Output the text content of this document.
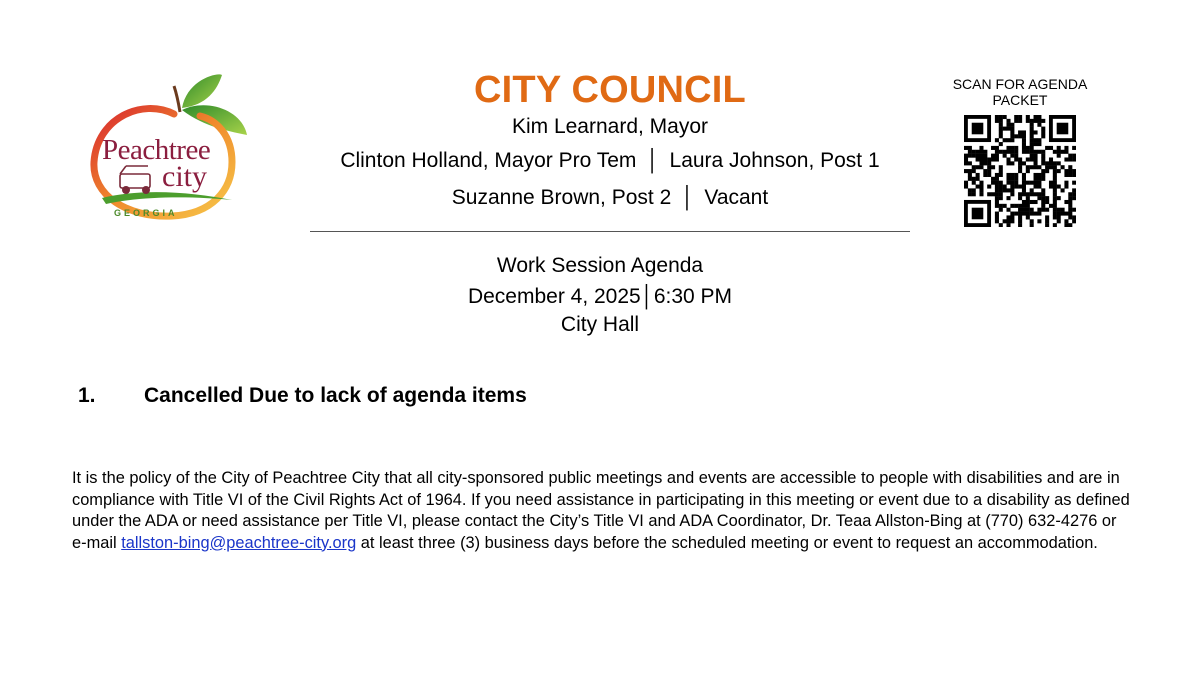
Peachtree
city
GEORGIA
CITY COUNCIL
Kim Learnard, Mayor
Clinton Holland, Mayor Pro Tem │ Laura Johnson, Post 1
Suzanne Brown, Post 2 │ Vacant
Work Session Agenda
December 4, 2025│6:30 PM
City Hall
SCAN FOR AGENDA
PACKET
1. Cancelled Due to lack of agenda items
It is the policy of the City of Peachtree City that all city-sponsored public meetings and events are accessible to people with disabilities and are in compliance with Title VI of the Civil Rights Act of 1964. If you need assistance in participating in this meeting or event due to a disability as defined under the ADA or need assistance per Title VI, please contact the City’s Title VI and ADA Coordinator, Dr. Teaa Allston-Bing at (770) 632-4276 or e-mail tallston-bing@peachtree-city.org at least three (3) business days before the scheduled meeting or event to request an accommodation.
